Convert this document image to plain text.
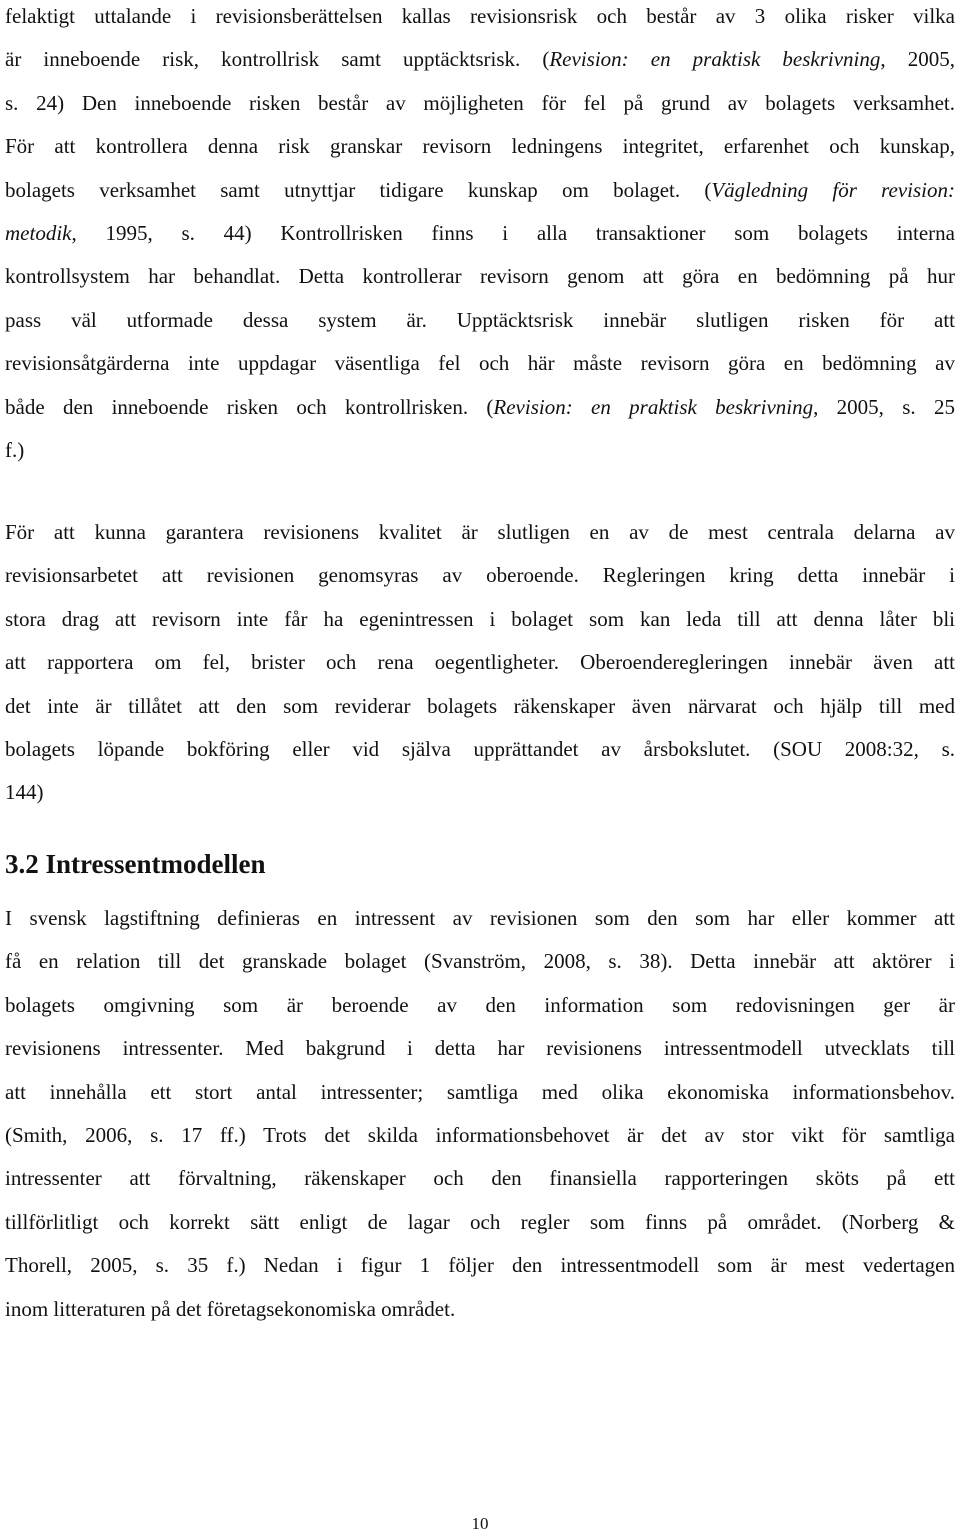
felaktigt uttalande i revisionsberättelsen kallas revisionsrisk och består av 3 olika risker vilka
är inneboende risk, kontrollrisk samt upptäcktsrisk. (Revision: en praktisk beskrivning, 2005,
s. 24) Den inneboende risken består av möjligheten för fel på grund av bolagets verksamhet.
För att kontrollera denna risk granskar revisorn ledningens integritet, erfarenhet och kunskap,
bolagets verksamhet samt utnyttjar tidigare kunskap om bolaget. (Vägledning för revision:
metodik, 1995, s. 44) Kontrollrisken finns i alla transaktioner som bolagets interna
kontrollsystem har behandlat. Detta kontrollerar revisorn genom att göra en bedömning på hur
pass väl utformade dessa system är. Upptäcktsrisk innebär slutligen risken för att
revisionsåtgärderna inte uppdagar väsentliga fel och här måste revisorn göra en bedömning av
både den inneboende risken och kontrollrisken. (Revision: en praktisk beskrivning, 2005, s. 25
f.)
För att kunna garantera revisionens kvalitet är slutligen en av de mest centrala delarna av
revisionsarbetet att revisionen genomsyras av oberoende. Regleringen kring detta innebär i
stora drag att revisorn inte får ha egenintressen i bolaget som kan leda till att denna låter bli
att rapportera om fel, brister och rena oegentligheter. Oberoenderegleringen innebär även att
det inte är tillåtet att den som reviderar bolagets räkenskaper även närvarat och hjälp till med
bolagets löpande bokföring eller vid själva upprättandet av årsbokslutet. (SOU 2008:32, s.
144)
3.2 Intressentmodellen
I svensk lagstiftning definieras en intressent av revisionen som den som har eller kommer att
få en relation till det granskade bolaget (Svanström, 2008, s. 38). Detta innebär att aktörer i
bolagets omgivning som är beroende av den information som redovisningen ger är
revisionens intressenter. Med bakgrund i detta har revisionens intressentmodell utvecklats till
att innehålla ett stort antal intressenter; samtliga med olika ekonomiska informationsbehov.
(Smith, 2006, s. 17 ff.) Trots det skilda informationsbehovet är det av stor vikt för samtliga
intressenter att förvaltning, räkenskaper och den finansiella rapporteringen sköts på ett
tillförlitligt och korrekt sätt enligt de lagar och regler som finns på området. (Norberg &
Thorell, 2005, s. 35 f.) Nedan i figur 1 följer den intressentmodell som är mest vedertagen
inom litteraturen på det företagsekonomiska området.
10
